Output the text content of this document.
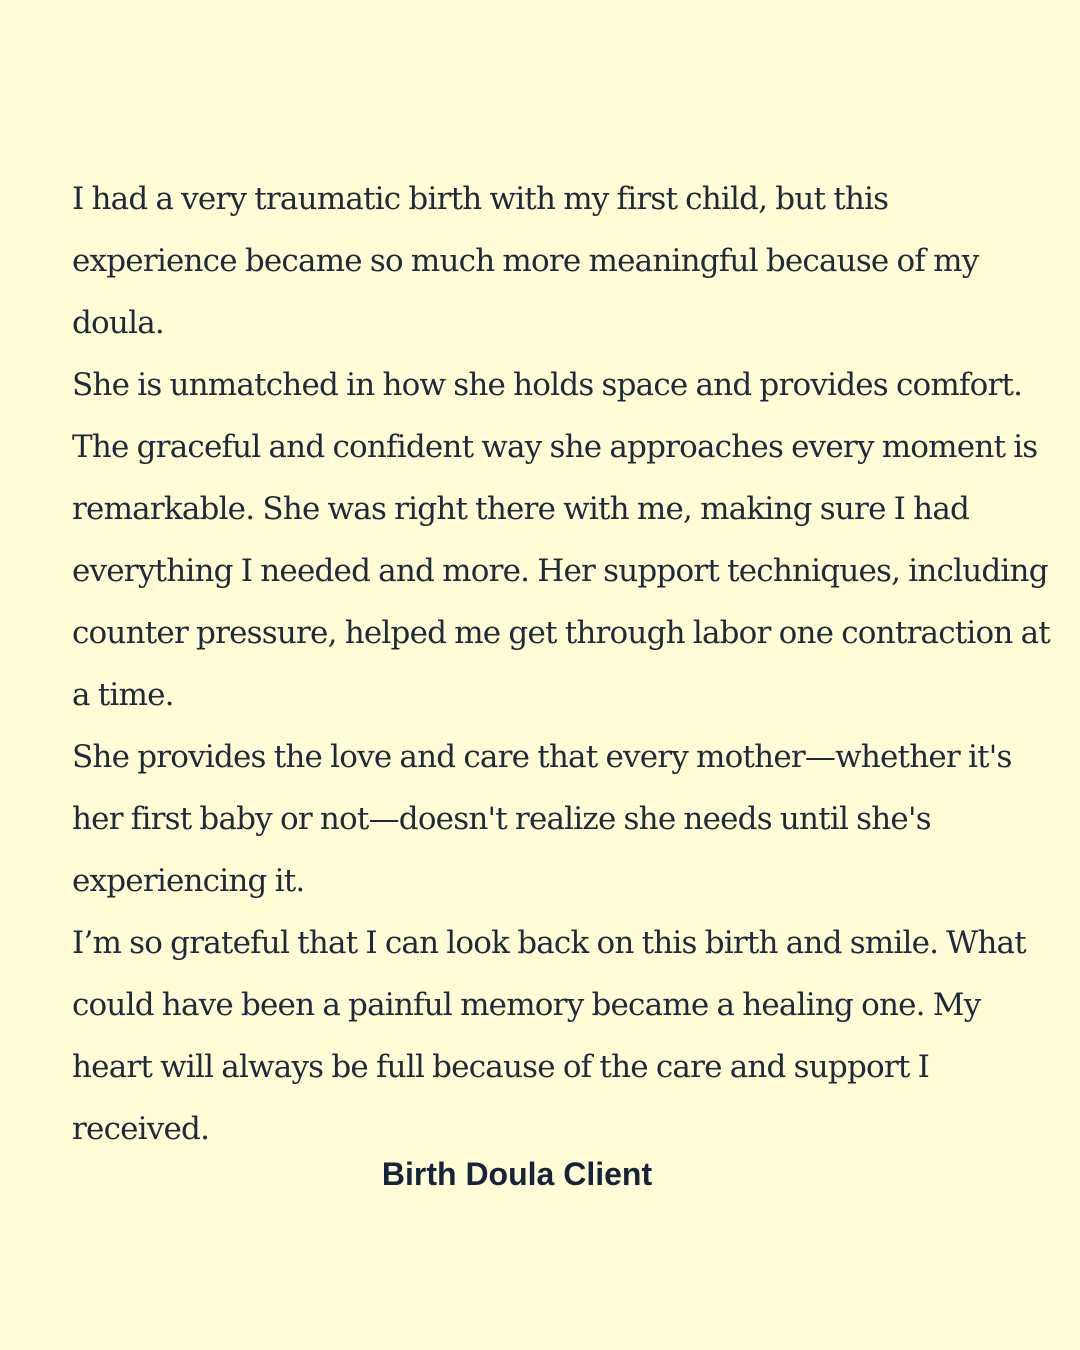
I had a very traumatic birth with my first child, but this experience became so much more meaningful because of my doula.

She is unmatched in how she holds space and provides comfort. The graceful and confident way she approaches every moment is remarkable. She was right there with me, making sure I had everything I needed and more. Her support techniques, including counter pressure, helped me get through labor one contraction at a time.

She provides the love and care that every mother—whether it's her first baby or not—doesn't realize she needs until she's experiencing it.

I’m so grateful that I can look back on this birth and smile. What could have been a painful memory became a healing one. My heart will always be full because of the care and support I received.

Birth Doula Client
